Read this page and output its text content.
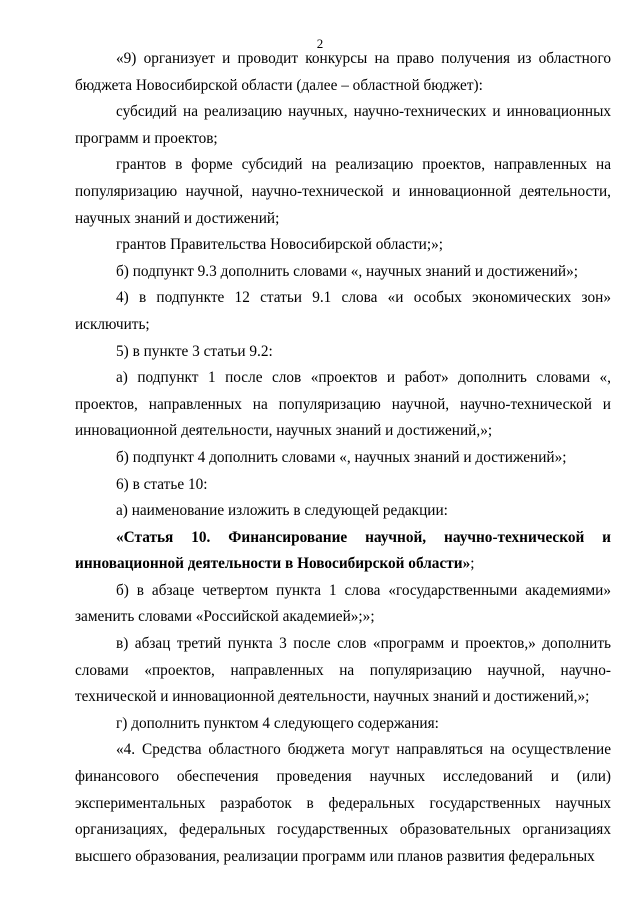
2

«9) организует и проводит конкурсы на право получения из областного бюджета Новосибирской области (далее – областной бюджет):

субсидий на реализацию научных, научно-технических и инновационных программ и проектов;

грантов в форме субсидий на реализацию проектов, направленных на популяризацию научной, научно-технической и инновационной деятельности, научных знаний и достижений;

грантов Правительства Новосибирской области;»;

б) подпункт 9.3 дополнить словами «, научных знаний и достижений»;

4) в подпункте 12 статьи 9.1 слова «и особых экономических зон» исключить;

5) в пункте 3 статьи 9.2:

а) подпункт 1 после слов «проектов и работ» дополнить словами «, проектов, направленных на популяризацию научной, научно-технической и инновационной деятельности, научных знаний и достижений,»;

б) подпункт 4 дополнить словами «, научных знаний и достижений»;

6) в статье 10:

а) наименование изложить в следующей редакции:

«Статья 10. Финансирование научной, научно-технической и инновационной деятельности в Новосибирской области»;

б) в абзаце четвертом пункта 1 слова «государственными академиями» заменить словами «Российской академией»;»;

в) абзац третий пункта 3 после слов «программ и проектов,» дополнить словами «проектов, направленных на популяризацию научной, научно-технической и инновационной деятельности, научных знаний и достижений,»;

г) дополнить пунктом 4 следующего содержания:

«4. Средства областного бюджета могут направляться на осуществление финансового обеспечения проведения научных исследований и (или) экспериментальных разработок в федеральных государственных научных организациях, федеральных государственных образовательных организациях высшего образования, реализации программ или планов развития федеральных
